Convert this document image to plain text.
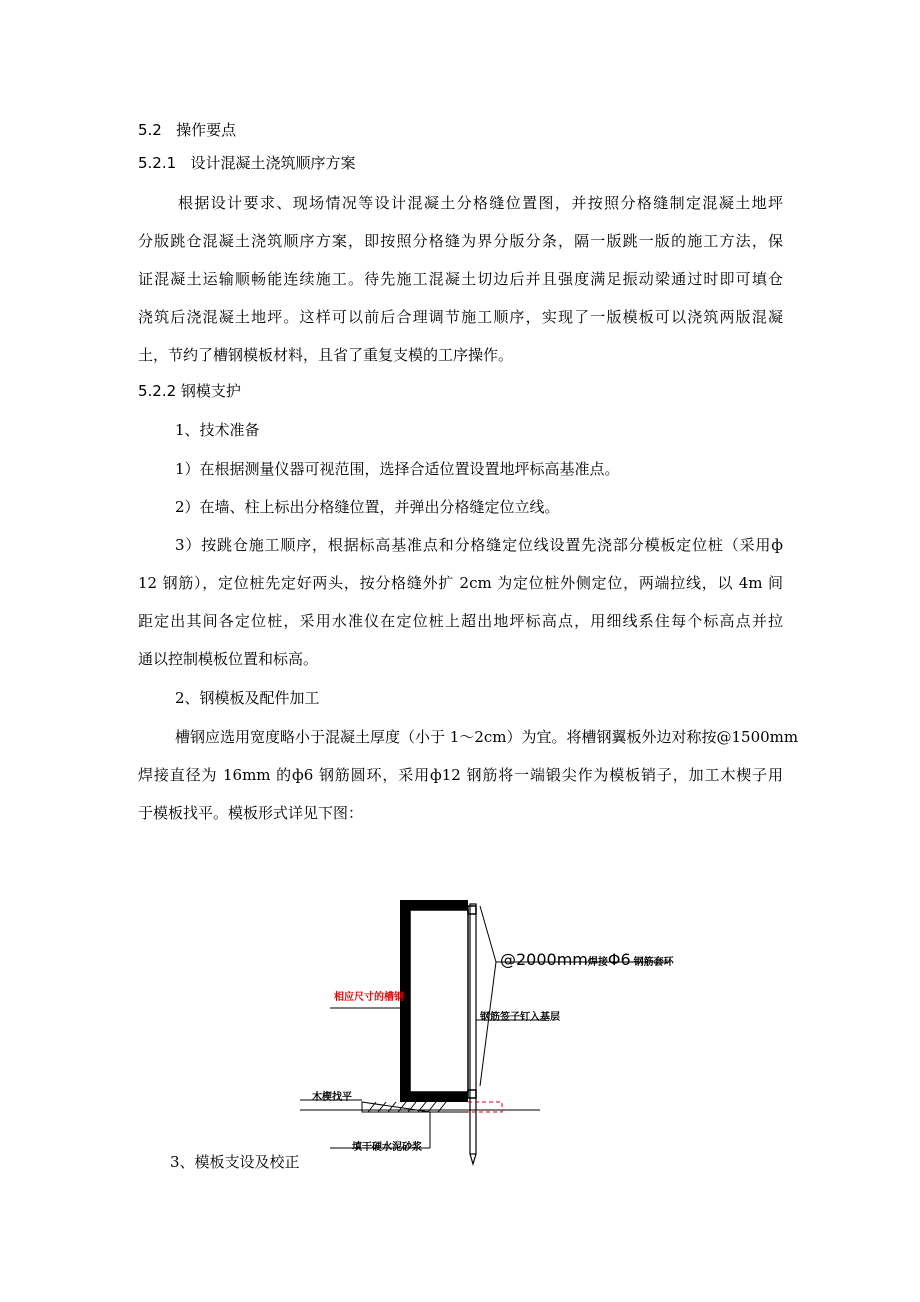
5.2 操作要点
5.2.1 设计混凝土浇筑顺序方案
根据设计要求、现场情况等设计混凝土分格缝位置图，并按照分格缝制定混凝土地坪
分版跳仓混凝土浇筑顺序方案，即按照分格缝为界分版分条，隔一版跳一版的施工方法，保
证混凝土运输顺畅能连续施工。待先施工混凝土切边后并且强度满足振动梁通过时即可填仓
浇筑后浇混凝土地坪。这样可以前后合理调节施工顺序，实现了一版模板可以浇筑两版混凝
土，节约了槽钢模板材料，且省了重复支模的工序操作。
5.2.2 钢模支护
1、技术准备
1）在根据测量仪器可视范围，选择合适位置设置地坪标高基准点。
2）在墙、柱上标出分格缝位置，并弹出分格缝定位立线。
3）按跳仓施工顺序，根据标高基准点和分格缝定位线设置先浇部分模板定位桩（采用ф
12 钢筋），定位桩先定好两头，按分格缝外扩 2cm 为定位桩外侧定位，两端拉线，以 4m 间
距定出其间各定位桩，采用水准仪在定位桩上超出地坪标高点，用细线系住每个标高点并拉
通以控制模板位置和标高。
2、钢模板及配件加工
槽钢应选用宽度略小于混凝土厚度（小于 1～2cm）为宜。将槽钢翼板外边对称按@1500mm
焊接直径为 16mm 的ф6 钢筋圆环，采用ф12 钢筋将一端锻尖作为模板销子，加工木楔子用
于模板找平。模板形式详见下图：
@2000mm焊接Φ6 钢筋套环
相应尺寸的槽钢
钢筋签子钉入基层
木楔找平
填干硬水泥砂浆
3、模板支设及校正
